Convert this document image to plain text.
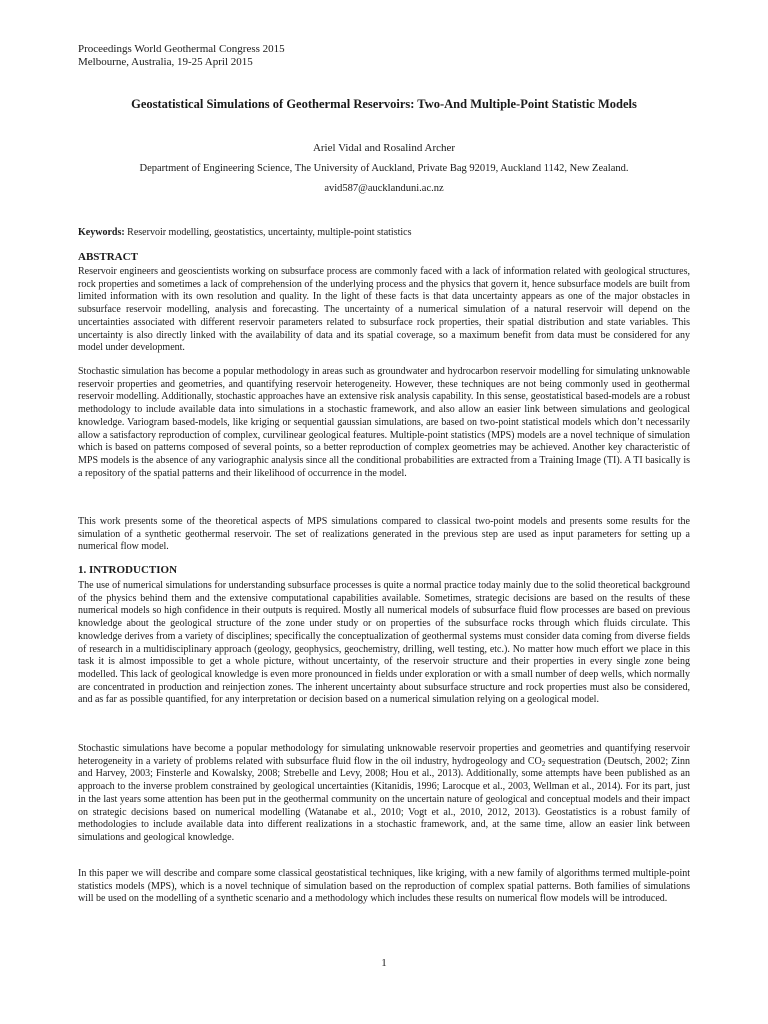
Proceedings World Geothermal Congress 2015
Melbourne, Australia, 19-25 April 2015
Geostatistical Simulations of Geothermal Reservoirs: Two-And Multiple-Point Statistic Models
Ariel Vidal and Rosalind Archer
Department of Engineering Science, The University of Auckland, Private Bag 92019, Auckland 1142, New Zealand.
avid587@aucklanduni.ac.nz
Keywords: Reservoir modelling, geostatistics, uncertainty, multiple-point statistics
ABSTRACT

Reservoir engineers and geoscientists working on subsurface process are commonly faced with a lack of information related with geological structures, rock properties and sometimes a lack of comprehension of the underlying process and the physics that govern it, hence subsurface models are built from limited information with its own resolution and quality. In the light of these facts is that data uncertainty appears as one of the major obstacles in subsurface reservoir modelling, analysis and forecasting. The uncertainty of a numerical simulation of a natural reservoir will depend on the uncertainties associated with different reservoir parameters related to subsurface rock properties, their spatial distribution and state variables. This uncertainty is also directly linked with the availability of data and its spatial coverage, so a maximum benefit from data must be considered for any model under development.

Stochastic simulation has become a popular methodology in areas such as groundwater and hydrocarbon reservoir modelling for simulating unknowable reservoir properties and geometries, and quantifying reservoir heterogeneity. However, these techniques are not being commonly used in geothermal reservoir modelling. Additionally, stochastic approaches have an extensive risk analysis capability. In this sense, geostatistical based-models are a robust methodology to include available data into simulations in a stochastic framework, and also allow an easier link between simulations and geological knowledge. Variogram based-models, like kriging or sequential gaussian simulations, are based on two-point statistical models which don’t necessarily allow a satisfactory reproduction of complex, curvilinear geological features. Multiple-point statistics (MPS) models are a novel technique of simulation which is based on patterns composed of several points, so a better reproduction of complex geometries may be achieved. Another key characteristic of MPS models is the absence of any variographic analysis since all the conditional probabilities are extracted from a Training Image (TI). A TI basically is a repository of the spatial patterns and their likelihood of occurrence in the model.

This work presents some of the theoretical aspects of MPS simulations compared to classical two-point models and presents some results for the simulation of a synthetic geothermal reservoir. The set of realizations generated in the previous step are used as input parameters for setting up a numerical flow model.

1. INTRODUCTION

The use of numerical simulations for understanding subsurface processes is quite a normal practice today mainly due to the solid theoretical background of the physics behind them and the extensive computational capabilities available. Sometimes, strategic decisions are based on the results of these numerical models so high confidence in their outputs is required. Mostly all numerical models of subsurface fluid flow processes are based on previous knowledge about the geological structure of the zone under study or on properties of the subsurface rocks through which fluids circulate. This knowledge derives from a variety of disciplines; specifically the conceptualization of geothermal systems must consider data coming from diverse fields of research in a multidisciplinary approach (geology, geophysics, geochemistry, drilling, well testing, etc.). No matter how much effort we place in this task it is almost impossible to get a whole picture, without uncertainty, of the reservoir structure and their properties in every single zone being modelled. This lack of geological knowledge is even more pronounced in fields under exploration or with a small number of deep wells, which normally are concentrated in production and reinjection zones. The inherent uncertainty about subsurface structure and rock properties must also be considered, and as far as possible quantified, for any interpretation or decision based on a numerical simulation relying on a geological model.

Stochastic simulations have become a popular methodology for simulating unknowable reservoir properties and geometries and quantifying reservoir heterogeneity in a variety of problems related with subsurface fluid flow in the oil industry, hydrogeology and $CO_2$ sequestration (Deutsch, 2002; Zinn and Harvey, 2003; Finsterle and Kowalsky, 2008; Strebelle and Levy, 2008; Hou et al., 2013). Additionally, some attempts have been published as an approach to the inverse problem constrained by geological uncertainties (Kitanidis, 1996; Larocque et al., 2003, Wellman et al., 2014). For its part, just in the last years some attention has been put in the geothermal community on the uncertain nature of geological and conceptual models and their impact on strategic decisions based on numerical modelling (Watanabe et al., 2010; Vogt et al., 2010, 2012, 2013). Geostatistics is a robust family of methodologies to include available data into different realizations in a stochastic framework, and, at the same time, allow an easier link between simulations and geological knowledge.

In this paper we will describe and compare some classical geostatistical techniques, like kriging, with a new family of algorithms termed multiple-point statistics models (MPS), which is a novel technique of simulation based on the reproduction of complex spatial patterns. Both families of simulations will be used on the modelling of a synthetic scenario and a methodology which includes these results on numerical flow models will be introduced.

1
